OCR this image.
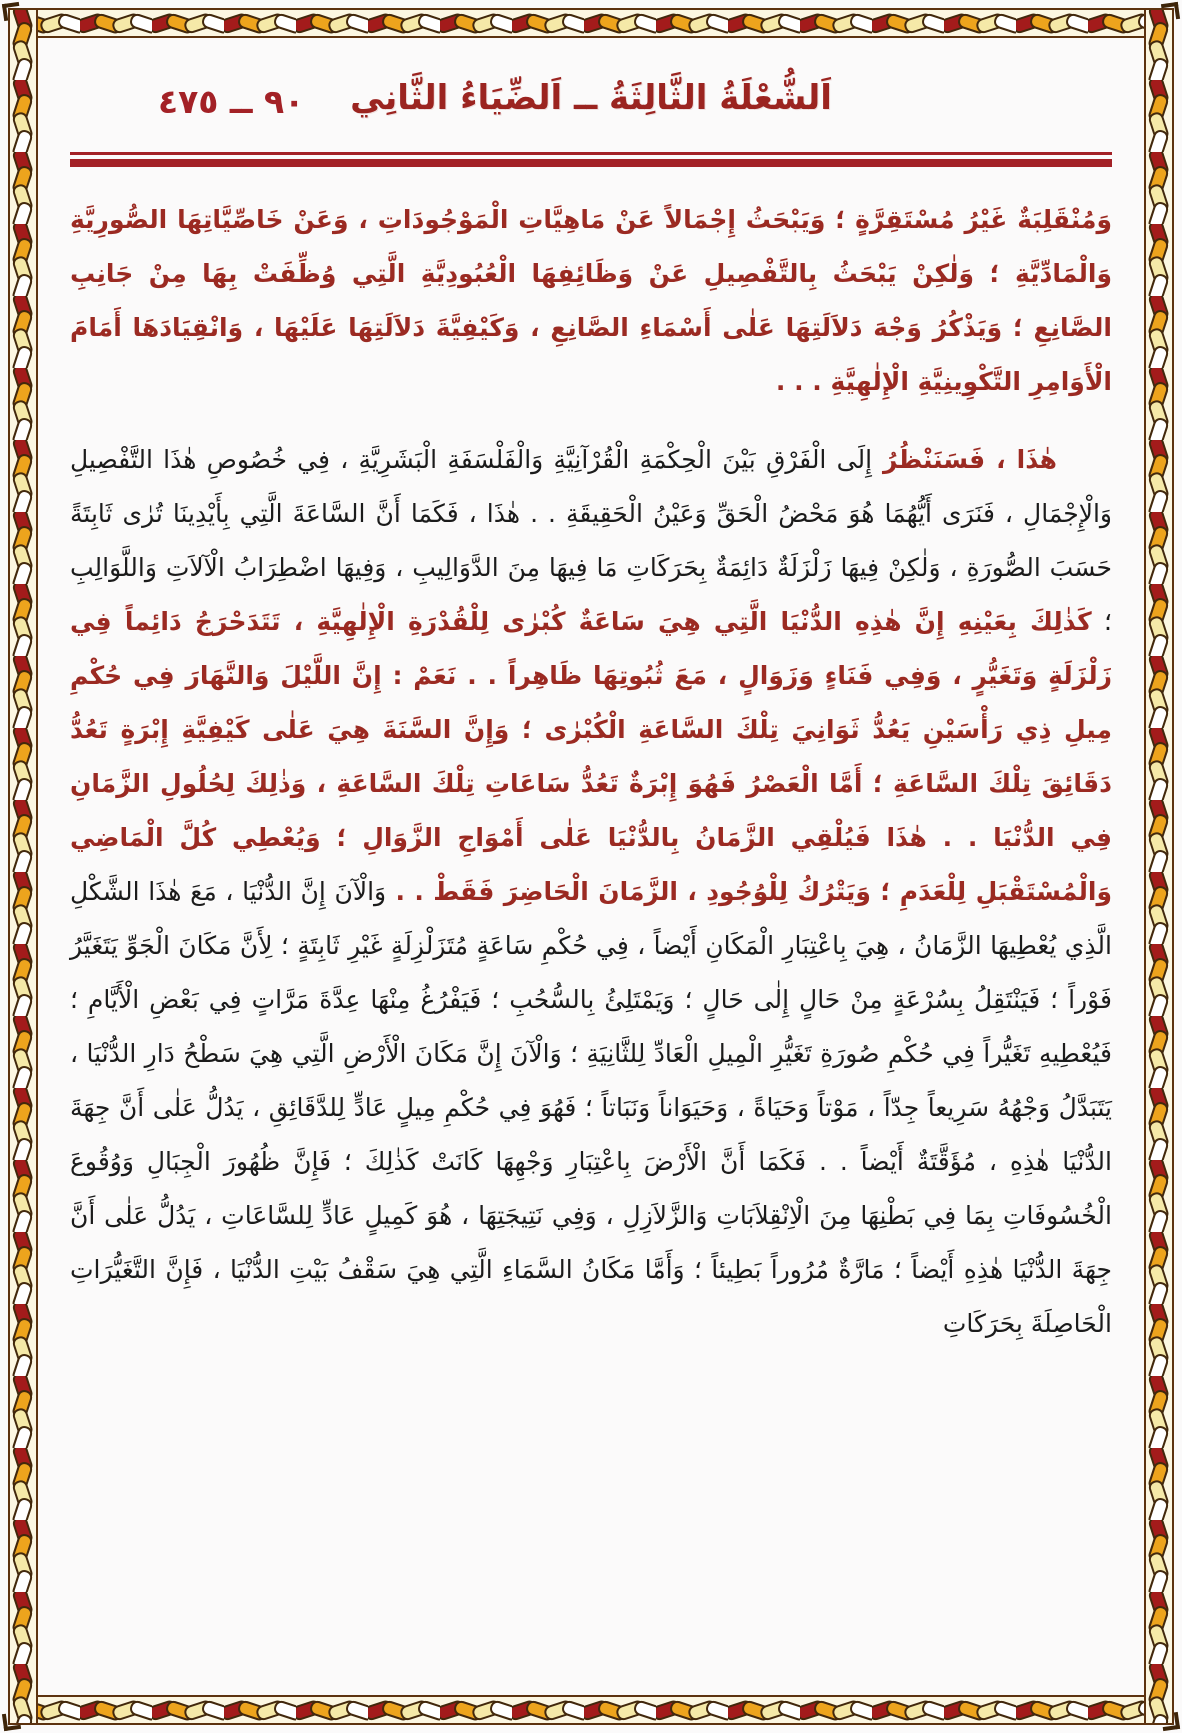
٩٠ ــ ٤٧٥	اَلشُّعْلَةُ الثَّالِثَةُ ــ اَلضِّيَاءُ الثَّانِي

وَمُنْقَلِبَةٌ غَيْرُ مُسْتَقِرَّةٍ ؛ وَيَبْحَثُ إِجْمَالاً عَنْ مَاهِيَّاتِ الْمَوْجُودَاتِ ، وَعَنْ خَاصِّيَّاتِهَا الصُّورِيَّةِ وَالْمَادِّيَّةِ ؛ وَلٰكِنْ يَبْحَثُ بِالتَّفْصِيلِ عَنْ وَظَائِفِهَا الْعُبُودِيَّةِ الَّتِي وُظِّفَتْ بِهَا مِنْ جَانِبِ الصَّانِعِ ؛ وَيَذْكُرُ وَجْهَ دَلاَلَتِهَا عَلٰى أَسْمَاءِ الصَّانِعِ ، وَكَيْفِيَّةَ دَلاَلَتِهَا عَلَيْهَا ، وَانْقِيَادَهَا أَمَامَ الْأَوَامِرِ التَّكْوِينِيَّةِ الْإِلٰهِيَّةِ . . .

هٰذَا ، فَسَنَنْظُرُ إِلَى الْفَرْقِ بَيْنَ الْحِكْمَةِ الْقُرْآنِيَّةِ وَالْفَلْسَفَةِ الْبَشَرِيَّةِ ، فِي خُصُوصِ هٰذَا التَّفْصِيلِ وَالْإِجْمَالِ ، فَنَرَى أَيُّهُمَا هُوَ مَحْضُ الْحَقِّ وَعَيْنُ الْحَقِيقَةِ . . هٰذَا ، فَكَمَا أَنَّ السَّاعَةَ الَّتِي بِأَيْدِينَا تُرٰى ثَابِتَةً حَسَبَ الصُّورَةِ ، وَلٰكِنْ فِيهَا زَلْزَلَةٌ دَائِمَةٌ بِحَرَكَاتِ مَا فِيهَا مِنَ الدَّوَالِيبِ ، وَفِيهَا اضْطِرَابُ الْآلاَتِ وَاللَّوَالِبِ ؛ كَذٰلِكَ بِعَيْنِهِ إِنَّ هٰذِهِ الدُّنْيَا الَّتِي هِيَ سَاعَةٌ كُبْرٰى لِلْقُدْرَةِ الْإِلٰهِيَّةِ ، تَتَدَحْرَجُ دَائِماً فِي زَلْزَلَةٍ وَتَغَيُّرٍ ، وَفِي فَنَاءٍ وَزَوَالٍ ، مَعَ ثُبُوتِهَا ظَاهِراً . . نَعَمْ : إِنَّ اللَّيْلَ وَالنَّهَارَ فِي حُكْمِ مِيلِ ذِي رَأْسَيْنِ يَعُدُّ ثَوَانِيَ تِلْكَ السَّاعَةِ الْكُبْرٰى ؛ وَإِنَّ السَّنَةَ هِيَ عَلٰى كَيْفِيَّةِ إِبْرَةٍ تَعُدُّ دَقَائِقَ تِلْكَ السَّاعَةِ ؛ أَمَّا الْعَصْرُ فَهُوَ إِبْرَةٌ تَعُدُّ سَاعَاتِ تِلْكَ السَّاعَةِ ، وَذٰلِكَ لِحُلُولِ الزَّمَانِ فِي الدُّنْيَا . . هٰذَا فَيُلْقِي الزَّمَانُ بِالدُّنْيَا عَلٰى أَمْوَاجِ الزَّوَالِ ؛ وَيُعْطِي كُلَّ الْمَاضِي وَالْمُسْتَقْبَلِ لِلْعَدَمِ ؛ وَيَتْرُكُ لِلْوُجُودِ ، الزَّمَانَ الْحَاضِرَ فَقَطْ . . وَالْآنَ إِنَّ الدُّنْيَا ، مَعَ هٰذَا الشَّكْلِ الَّذِي يُعْطِيهَا الزَّمَانُ ، هِيَ بِاعْتِبَارِ الْمَكَانِ أَيْضاً ، فِي حُكْمِ سَاعَةٍ مُتَزَلْزِلَةٍ غَيْرِ ثَابِتَةٍ ؛ لِأَنَّ مَكَانَ الْجَوِّ يَتَغَيَّرُ فَوْراً ؛ فَيَنْتَقِلُ بِسُرْعَةٍ مِنْ حَالٍ إِلٰى حَالٍ ؛ وَيَمْتَلِئُ بِالسُّحُبِ ؛ فَيَفْرُغُ مِنْهَا عِدَّةَ مَرَّاتٍ فِي بَعْضِ الْأَيَّامِ ؛ فَيُعْطِيهِ تَغَيُّراً فِي حُكْمِ صُورَةِ تَغَيُّرِ الْمِيلِ الْعَادِّ لِلثَّانِيَةِ ؛ وَالْآنَ إِنَّ مَكَانَ الْأَرْضِ الَّتِي هِيَ سَطْحُ دَارِ الدُّنْيَا ، يَتَبَدَّلُ وَجْهُهُ سَرِيعاً جِدّاً ، مَوْتاً وَحَيَاةً ، وَحَيَوَاناً وَنَبَاتاً ؛ فَهُوَ فِي حُكْمِ مِيلٍ عَادٍّ لِلدَّقَائِقِ ، يَدُلُّ عَلٰى أَنَّ جِهَةَ الدُّنْيَا هٰذِهِ ، مُؤَقَّتَةٌ أَيْضاً . . فَكَمَا أَنَّ الْأَرْضَ بِاعْتِبَارِ وَجْهِهَا كَانَتْ كَذٰلِكَ ؛ فَإِنَّ ظُهُورَ الْجِبَالِ وَوُقُوعَ الْخُسُوفَاتِ بِمَا فِي بَطْنِهَا مِنَ الْاِنْقِلاَبَاتِ وَالزَّلاَزِلِ ، وَفِي نَتِيجَتِهَا ، هُوَ كَمِيلٍ عَادٍّ لِلسَّاعَاتِ ، يَدُلُّ عَلٰى أَنَّ جِهَةَ الدُّنْيَا هٰذِهِ أَيْضاً ؛ مَارَّةٌ مُرُوراً بَطِيئاً ؛ وَأَمَّا مَكَانُ السَّمَاءِ الَّتِي هِيَ سَقْفُ بَيْتِ الدُّنْيَا ، فَإِنَّ التَّغَيُّرَاتِ الْحَاصِلَةَ بِحَرَكَاتِ
